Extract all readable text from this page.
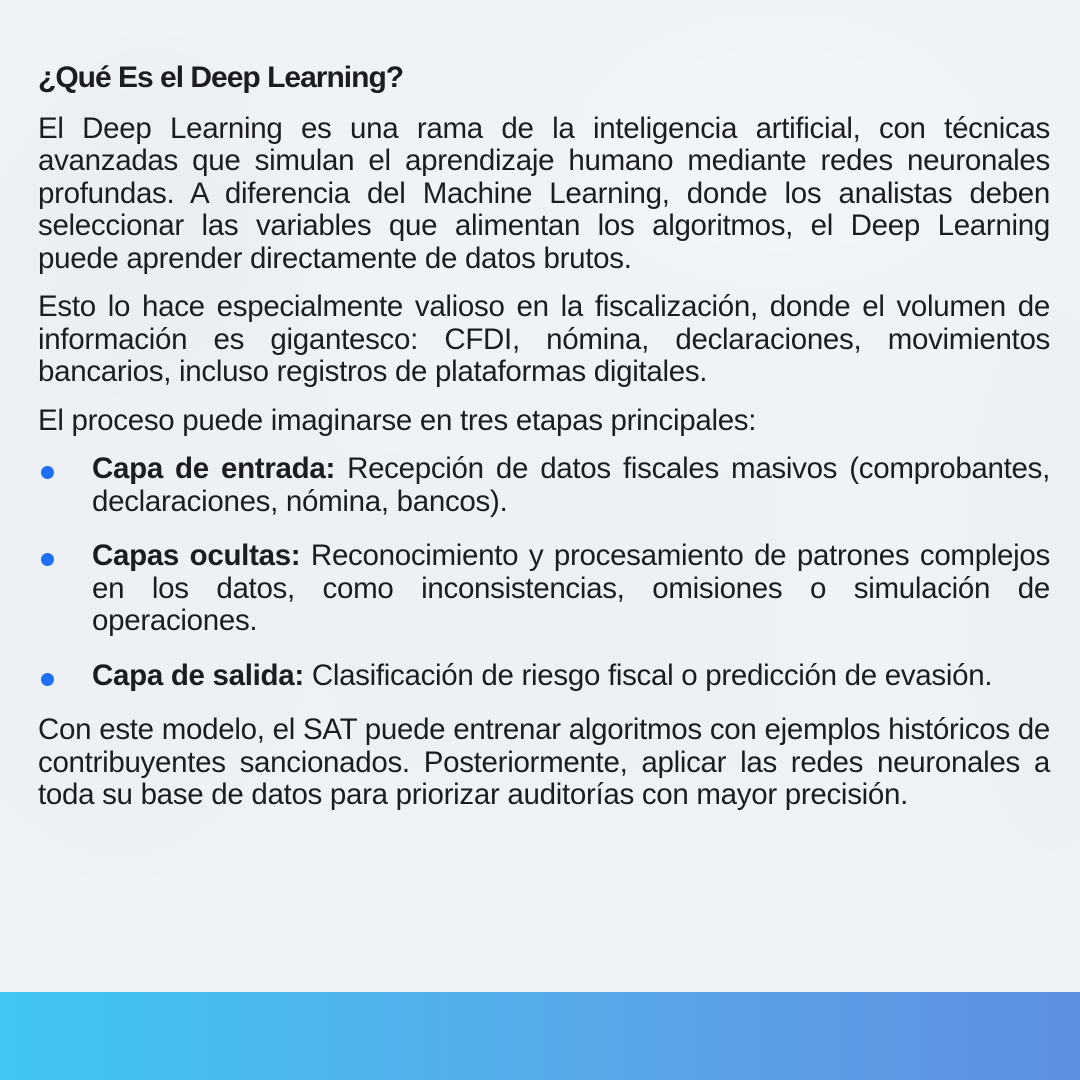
¿Qué Es el Deep Learning?

El Deep Learning es una rama de la inteligencia artificial, con técnicas avanzadas que simulan el aprendizaje humano mediante redes neuronales profundas. A diferencia del Machine Learning, donde los analistas deben seleccionar las variables que alimentan los algoritmos, el Deep Learning puede aprender directamente de datos brutos.

Esto lo hace especialmente valioso en la fiscalización, donde el volumen de información es gigantesco: CFDI, nómina, declaraciones, movimientos bancarios, incluso registros de plataformas digitales.

El proceso puede imaginarse en tres etapas principales:

Capa de entrada: Recepción de datos fiscales masivos (comprobantes, declaraciones, nómina, bancos).
Capas ocultas: Reconocimiento y procesamiento de patrones complejos en los datos, como inconsistencias, omisiones o simulación de operaciones.
Capa de salida: Clasificación de riesgo fiscal o predicción de evasión.

Con este modelo, el SAT puede entrenar algoritmos con ejemplos históricos de contribuyentes sancionados. Posteriormente, aplicar las redes neuronales a toda su base de datos para priorizar auditorías con mayor precisión.
